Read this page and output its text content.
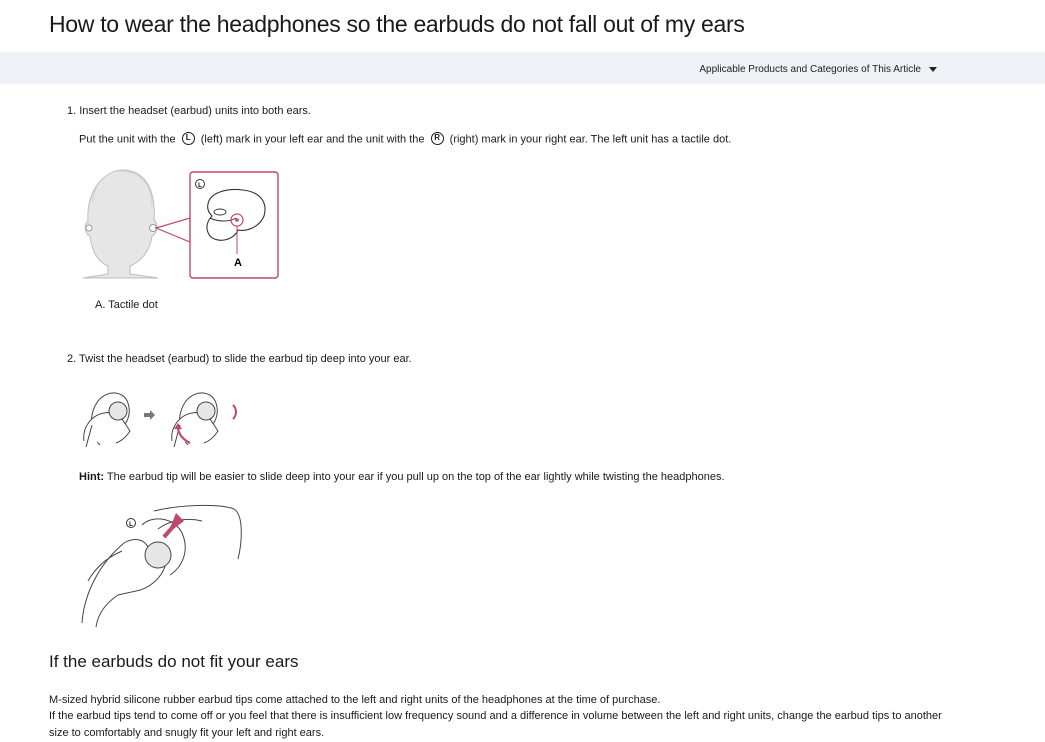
How to wear the headphones so the earbuds do not fall out of my ears
Applicable Products and Categories of This Article
1. Insert the headset (earbud) units into both ears.
Put the unit with the L (left) mark in your left ear and the unit with the R (right) mark in your right ear. The left unit has a tactile dot.
L
A
A. Tactile dot
2. Twist the headset (earbud) to slide the earbud tip deep into your ear.
Hint: The earbud tip will be easier to slide deep into your ear if you pull up on the top of the ear lightly while twisting the headphones.
L
If the earbuds do not fit your ears

M-sized hybrid silicone rubber earbud tips come attached to the left and right units of the headphones at the time of purchase.

If the earbud tips tend to come off or you feel that there is insufficient low frequency sound and a difference in volume between the left and right units, change the earbud tips to another size to comfortably and snugly fit your left and right ears.
